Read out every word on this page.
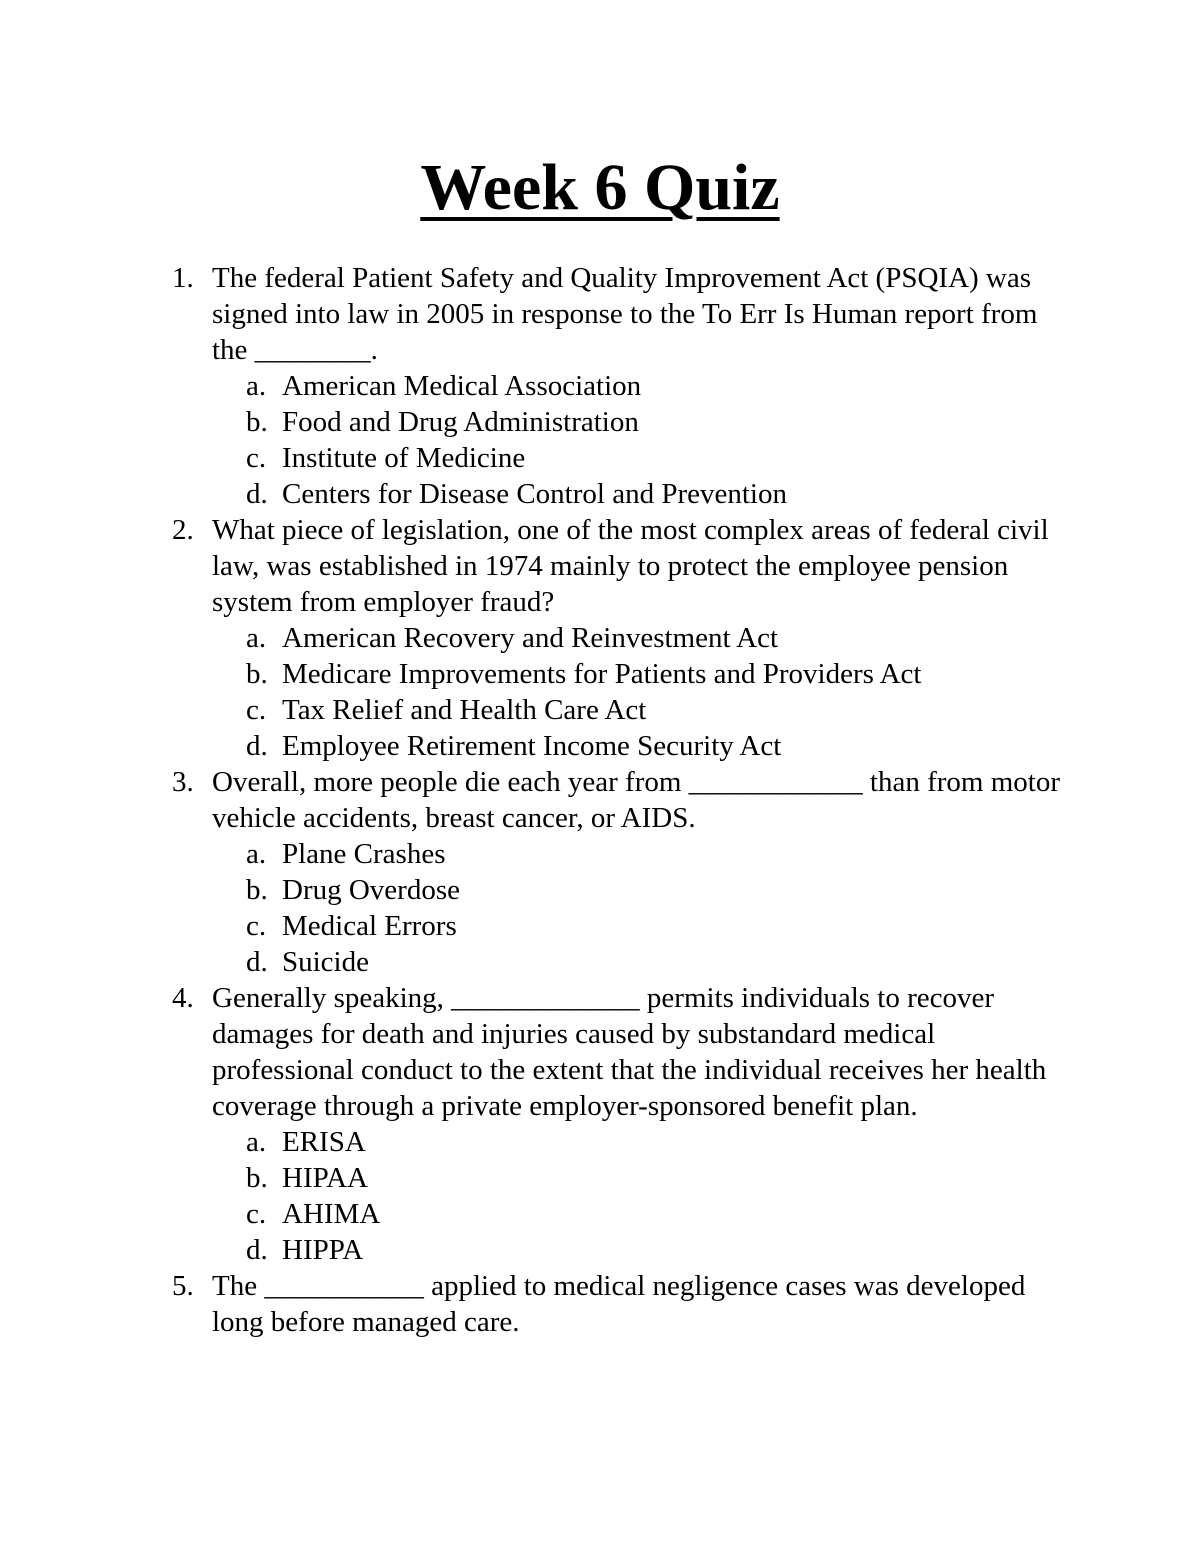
Week 6 Quiz
1. The federal Patient Safety and Quality Improvement Act (PSQIA) was signed into law in 2005 in response to the To Err Is Human report from the ________.
a. American Medical Association
b. Food and Drug Administration
c. Institute of Medicine
d. Centers for Disease Control and Prevention
2. What piece of legislation, one of the most complex areas of federal civil law, was established in 1974 mainly to protect the employee pension system from employer fraud?
a. American Recovery and Reinvestment Act
b. Medicare Improvements for Patients and Providers Act
c. Tax Relief and Health Care Act
d. Employee Retirement Income Security Act
3. Overall, more people die each year from ____________ than from motor vehicle accidents, breast cancer, or AIDS.
a. Plane Crashes
b. Drug Overdose
c. Medical Errors
d. Suicide
4. Generally speaking, _____________ permits individuals to recover damages for death and injuries caused by substandard medical professional conduct to the extent that the individual receives her health coverage through a private employer-sponsored benefit plan.
a. ERISA
b. HIPAA
c. AHIMA
d. HIPPA
5. The ___________ applied to medical negligence cases was developed long before managed care.
